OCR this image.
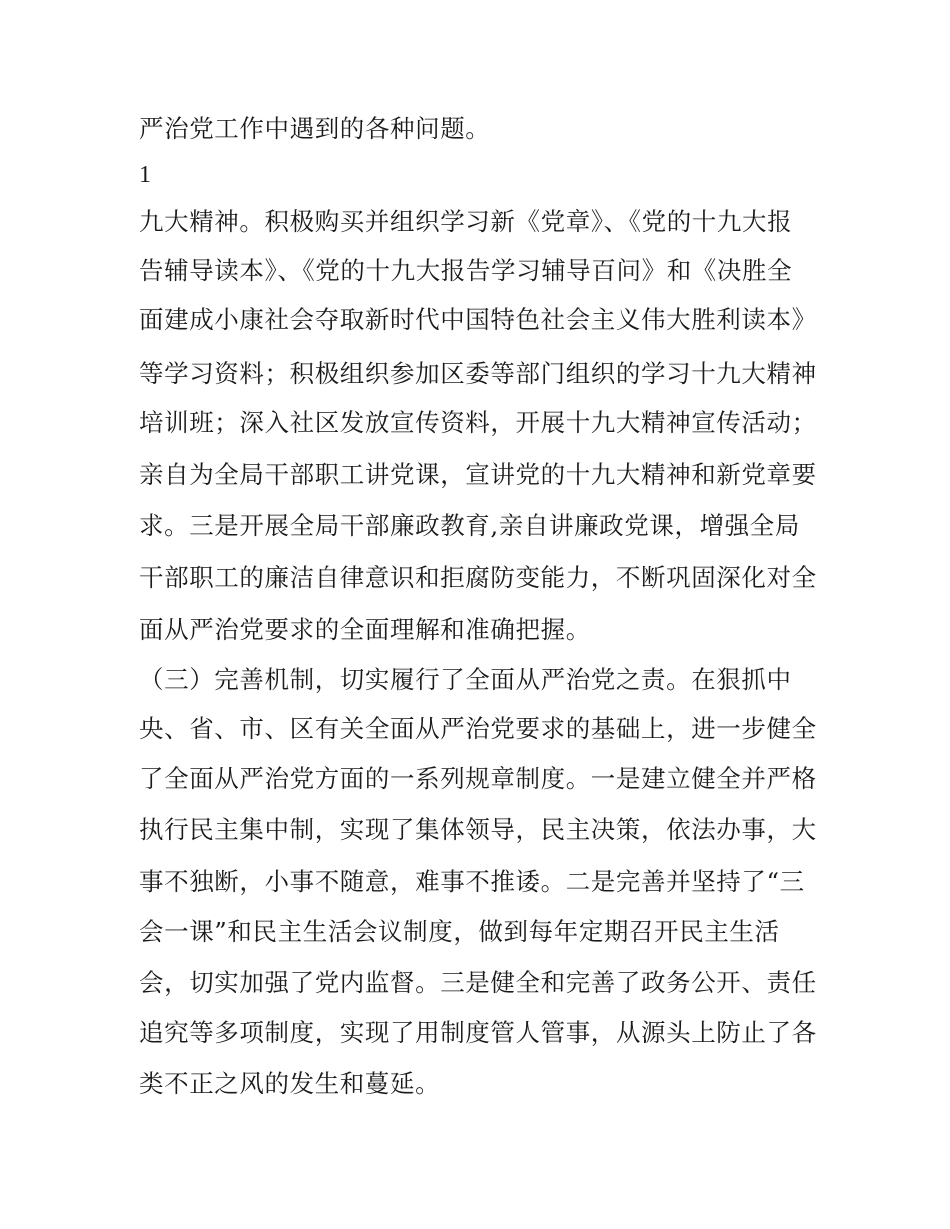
严治党工作中遇到的各种问题。
1
九大精神。积极购买并组织学习新《党章》、《党的十九大报
告辅导读本》、《党的十九大报告学习辅导百问》和《决胜全
面建成小康社会夺取新时代中国特色社会主义伟大胜利读本》
等学习资料；积极组织参加区委等部门组织的学习十九大精神
培训班；深入社区发放宣传资料，开展十九大精神宣传活动；
亲自为全局干部职工讲党课，宣讲党的十九大精神和新党章要
求。三是开展全局干部廉政教育,亲自讲廉政党课，增强全局
干部职工的廉洁自律意识和拒腐防变能力，不断巩固深化对全
面从严治党要求的全面理解和准确把握。
（三）完善机制，切实履行了全面从严治党之责。在狠抓中
央、省、市、区有关全面从严治党要求的基础上，进一步健全
了全面从严治党方面的一系列规章制度。一是建立健全并严格
执行民主集中制，实现了集体领导，民主决策，依法办事，大
事不独断，小事不随意，难事不推诿。二是完善并坚持了“三
会一课”和民主生活会议制度，做到每年定期召开民主生活
会，切实加强了党内监督。三是健全和完善了政务公开、责任
追究等多项制度，实现了用制度管人管事，从源头上防止了各
类不正之风的发生和蔓延。
